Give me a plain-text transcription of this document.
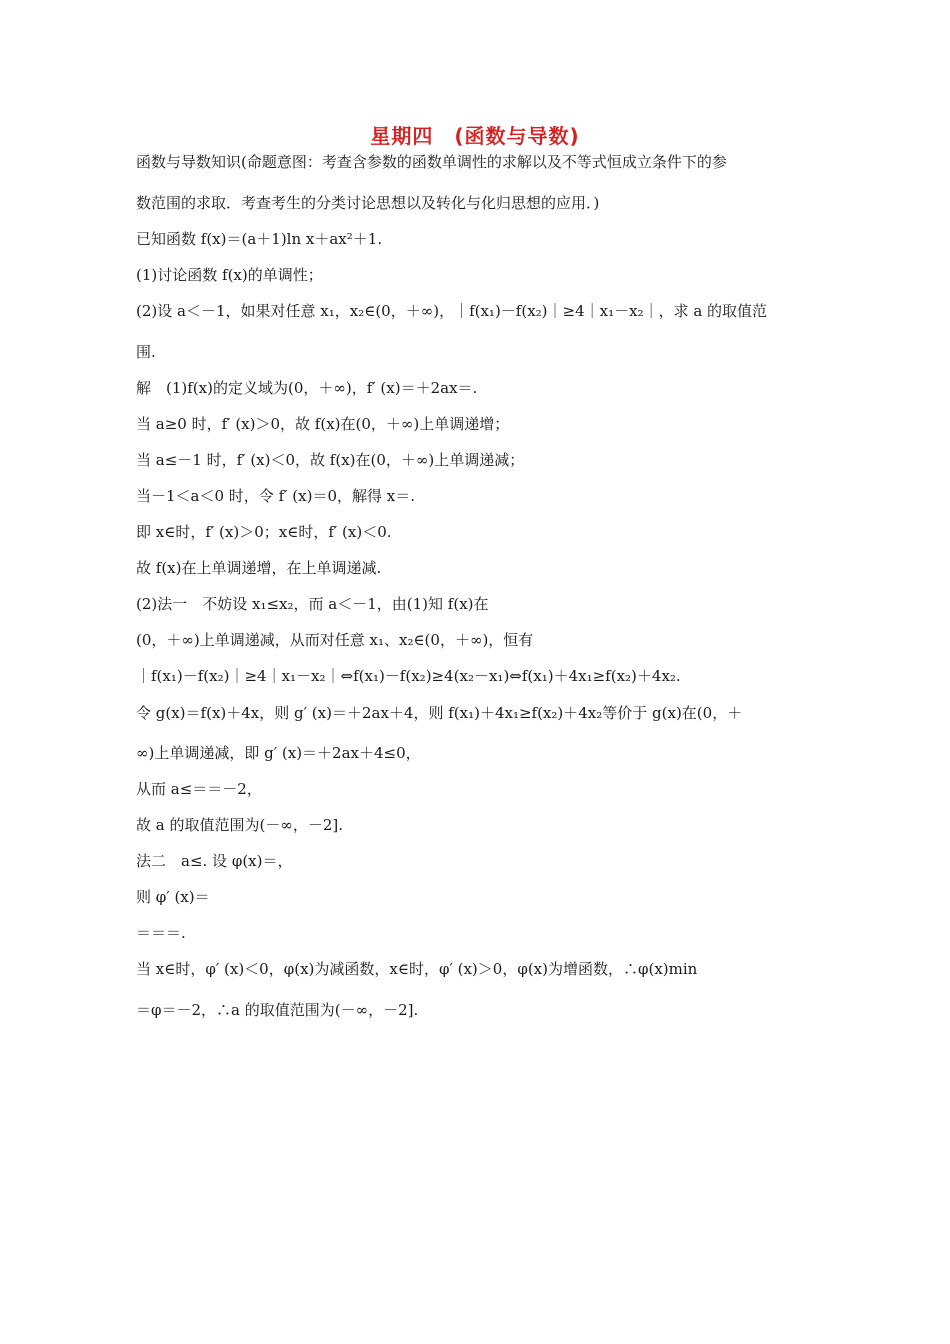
星期四　(函数与导数)
函数与导数知识(命题意图：考查含参数的函数单调性的求解以及不等式恒成立条件下的参
数范围的求取．考查考生的分类讨论思想以及转化与化归思想的应用．)
已知函数 f(x)＝(a＋1)ln x＋ax²＋1.
(1)讨论函数 f(x)的单调性；
(2)设 a＜－1，如果对任意 x₁，x₂∈(0，＋∞)，｜f(x₁)－f(x₂)｜≥4｜x₁－x₂｜，求 a 的取值范
围.
解　(1)f(x)的定义域为(0，＋∞)，f′ (x)＝＋2ax＝.
当 a≥0 时，f′ (x)＞0，故 f(x)在(0，＋∞)上单调递增；
当 a≤－1 时，f′ (x)＜0，故 f(x)在(0，＋∞)上单调递减；
当－1＜a＜0 时，令 f′ (x)＝0，解得 x＝.
即 x∈时，f′ (x)＞0；x∈时，f′ (x)＜0.
故 f(x)在上单调递增，在上单调递减.
(2)法一　不妨设 x₁≤x₂，而 a＜－1，由(1)知 f(x)在
(0，＋∞)上单调递减，从而对任意 x₁、x₂∈(0，＋∞)，恒有
｜f(x₁)－f(x₂)｜≥4｜x₁－x₂｜⇔f(x₁)－f(x₂)≥4(x₂－x₁)⇔f(x₁)＋4x₁≥f(x₂)＋4x₂.
令 g(x)＝f(x)＋4x，则 g′ (x)＝＋2ax＋4，则 f(x₁)＋4x₁≥f(x₂)＋4x₂等价于 g(x)在(0，＋
∞)上单调递减，即 g′ (x)＝＋2ax＋4≤0，
从而 a≤＝＝－2，
故 a 的取值范围为(－∞，－2].
法二　a≤. 设 φ(x)＝，
则 φ′ (x)＝
＝＝＝.
当 x∈时，φ′ (x)＜0，φ(x)为减函数，x∈时，φ′ (x)＞0，φ(x)为增函数，∴φ(x)min
＝φ＝－2，∴a 的取值范围为(－∞，－2].
